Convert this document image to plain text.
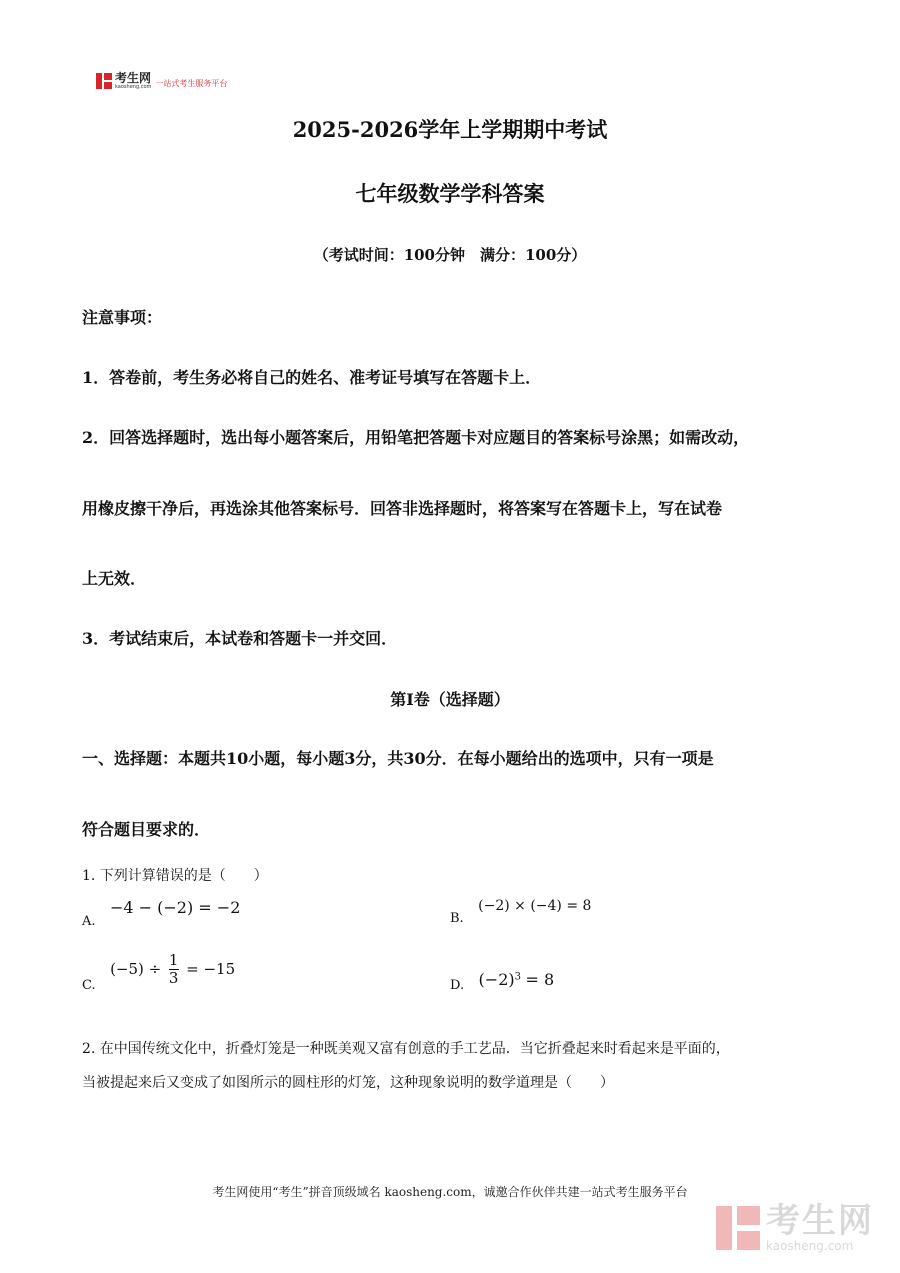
考生网
kaosheng.com 一站式考生服务平台
2025-2026学年上学期期中考试
七年级数学学科答案
（考试时间：100分钟　满分：100分）
注意事项：
1．答卷前，考生务必将自己的姓名、准考证号填写在答题卡上．
2．回答选择题时，选出每小题答案后，用铅笔把答题卡对应题目的答案标号涂黑；如需改动，
用橡皮擦干净后，再选涂其他答案标号．回答非选择题时，将答案写在答题卡上，写在试卷
上无效．
3．考试结束后，本试卷和答题卡一并交回．
第Ⅰ卷（选择题）
一、选择题：本题共10小题，每小题3分，共30分．在每小题给出的选项中，只有一项是
符合题目要求的．
1. 下列计算错误的是（　　）
A. −4 − (−2) = −2
B. (−2) × (−4) = 8
C. $(-5) \div \frac{1}{3} = -15$
D. $(-2)^3 = 8$
2. 在中国传统文化中，折叠灯笼是一种既美观又富有创意的手工艺品．当它折叠起来时看起来是平面的，
当被提起来后又变成了如图所示的圆柱形的灯笼，这种现象说明的数学道理是（　　）
考生网使用“考生”拼音顶级域名 kaosheng.com，诚邀合作伙伴共建一站式考生服务平台
考生网
kaosheng.com
